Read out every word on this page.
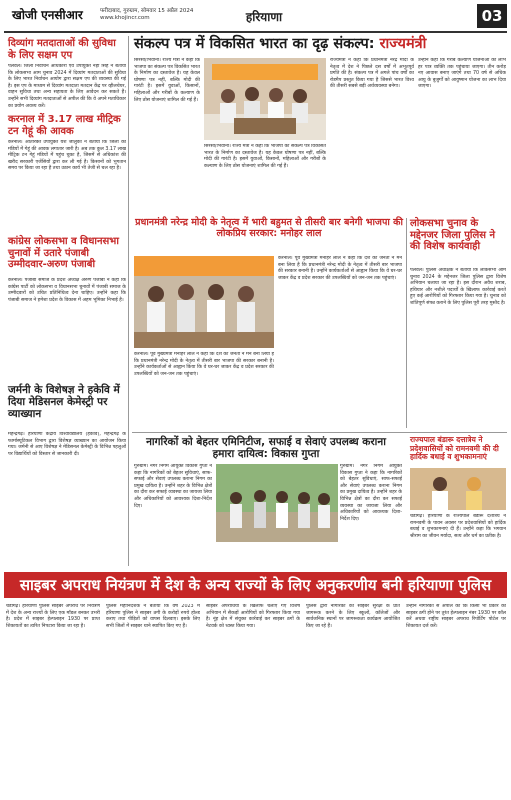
खोजी एनसीआर	फरीदाबाद, गुरुग्राम, सोमवार 15 अप्रैल 2024
www.khojincr.com	हरियाणा	03
दिव्यांग मतदाताओं की सुविधा के लिए सक्षम एप
पलवल। जिला निर्वाचन अधिकारी एवं उपायुक्त नेहा सिंह ने बताया कि लोकसभा आम चुनाव 2024 में दिव्यांग मतदाताओं की सुविधा के लिए भारत निर्वाचन आयोग द्वारा सक्षम एप की व्यवस्था की गई है। इस एप के माध्यम से दिव्यांग मतदाता मतदान केंद्र पर व्हीलचेयर, वाहन सुविधा तथा अन्य सहायता के लिए आवेदन कर सकते हैं। उन्होंने सभी दिव्यांग मतदाताओं से अपील की कि वे अपने मताधिकार का प्रयोग अवश्य करें।
करनाल में 3.17 लाख मीट्रिक टन गेहूं की आवक
करनाल। अतिरिक्त उपायुक्त यश जालुका ने बताया कि जिला की मंडियों में गेहूं की आवक लगातार जारी है। अब तक कुल 3.17 लाख मीट्रिक टन गेहूं मंडियों में पहुंच चुका है, जिसमें से अधिकांश की खरीद सरकारी एजेंसियों द्वारा कर ली गई है। किसानों को भुगतान समय पर किया जा रहा है तथा उठान कार्य भी तेजी से चल रहा है।
कांग्रेस लोकसभा व विधानसभा चुनावों में उतारे पंजाबी उम्मीदवार-अरुण पंजाबी
करनाल। पंजाबी समाज के प्रदेश अध्यक्ष अरुण पंजाबी ने कहा कि कांग्रेस पार्टी को लोकसभा व विधानसभा चुनावों में पंजाबी समाज के उम्मीदवारों को उचित प्रतिनिधित्व देना चाहिए। उन्होंने कहा कि पंजाबी समाज ने हमेशा प्रदेश के विकास में अहम भूमिका निभाई है।
जर्मनी के विशेषज्ञ ने हकेवि में दिया मेडिसनल केमेस्ट्री पर व्याख्यान
महेन्द्रगढ़। हरियाणा केंद्रीय विश्वविद्यालय (हकेवि), महेन्द्रगढ़ के फार्मास्यूटिकल विभाग द्वारा विशेषज्ञ व्याख्यान का आयोजन किया गया। जर्मनी से आए विशेषज्ञ ने मेडिसनल केमेस्ट्री के विभिन्न पहलुओं पर विद्यार्थियों को विस्तार से जानकारी दी।
संकल्प पत्र में विकसित भारत का दृढ़ संकल्प: राज्यमंत्री
सिरसा/भिवानी। राज्य मंत्री ने कहा कि भाजपा का संकल्प पत्र विकसित भारत के निर्माण का दस्तावेज है। यह केवल घोषणा पत्र नहीं, बल्कि मोदी की गारंटी है। इसमें युवाओं, किसानों, महिलाओं और गरीबों के कल्याण के लिए ठोस योजनाएं शामिल की गई हैं।
सिरसा/भिवानी। राज्य मंत्री ने कहा कि भाजपा का संकल्प पत्र विकसित भारत के निर्माण का दस्तावेज है। यह केवल घोषणा पत्र नहीं, बल्कि मोदी की गारंटी है। इसमें युवाओं, किसानों, महिलाओं और गरीबों के कल्याण के लिए ठोस योजनाएं शामिल की गई हैं।
राज्यमंत्री ने कहा कि प्रधानमंत्री नरेंद्र मोदी के नेतृत्व में देश ने पिछले दस वर्षों में अभूतपूर्व प्रगति की है। संकल्प पत्र में अगले पांच वर्षों का रोडमैप प्रस्तुत किया गया है जिससे भारत विश्व की तीसरी सबसे बड़ी अर्थव्यवस्था बनेगा।
उन्होंने कहा कि गरीब कल्याण योजनाओं का लाभ हर पात्र व्यक्ति तक पहुंचाया जाएगा। तीन करोड़ नए आवास बनाए जाएंगे तथा 70 वर्ष से अधिक आयु के बुजुर्गों को आयुष्मान योजना का लाभ दिया जाएगा।
प्रधानमंत्री नरेन्द्र मोदी के नेतृत्व में भारी बहुमत से तीसरी बार बनेगी भाजपा की लोकप्रिय सरकार: मनोहर लाल
करनाल। पूर्व मुख्यमंत्री मनोहर लाल ने कहा कि देश की जनता ने मन बना लिया है कि प्रधानमंत्री नरेन्द्र मोदी के नेतृत्व में तीसरी बार भाजपा की सरकार बनानी है। उन्होंने कार्यकर्ताओं से आह्वान किया कि वे घर-घर जाकर केंद्र व प्रदेश सरकार की उपलब्धियों को जन-जन तक पहुंचाएं।
करनाल। पूर्व मुख्यमंत्री मनोहर लाल ने कहा कि देश की जनता ने मन बना लिया है कि प्रधानमंत्री नरेन्द्र मोदी के नेतृत्व में तीसरी बार भाजपा की सरकार बनानी है। उन्होंने कार्यकर्ताओं से आह्वान किया कि वे घर-घर जाकर केंद्र व प्रदेश सरकार की उपलब्धियों को जन-जन तक पहुंचाएं।
लोकसभा चुनाव के मद्देनजर जिला पुलिस ने की विशेष कार्यवाही
पलवल। पुलिस अधीक्षक ने बताया कि लोकसभा आम चुनाव 2024 के मद्देनजर जिला पुलिस द्वारा विशेष अभियान चलाया जा रहा है। इस दौरान अवैध शराब, हथियार और नशीले पदार्थों के खिलाफ कार्रवाई करते हुए कई आरोपियों को गिरफ्तार किया गया है। चुनाव को शांतिपूर्ण संपन्न कराने के लिए पुलिस पूरी तरह मुस्तैद है।
नागरिकों को बेहतर एमिनिटीज, सफाई व सेवाएं उपलब्ध कराना हमारा दायित्व: विकास गुप्ता
गुरुग्राम। नगर निगम आयुक्त विकास गुप्ता ने कहा कि नागरिकों को बेहतर सुविधाएं, साफ-सफाई और सेवाएं उपलब्ध कराना निगम का प्रमुख दायित्व है। उन्होंने शहर के विभिन्न क्षेत्रों का दौरा कर सफाई व्यवस्था का जायजा लिया और अधिकारियों को आवश्यक दिशा-निर्देश दिए।
गुरुग्राम। नगर निगम आयुक्त विकास गुप्ता ने कहा कि नागरिकों को बेहतर सुविधाएं, साफ-सफाई और सेवाएं उपलब्ध कराना निगम का प्रमुख दायित्व है। उन्होंने शहर के विभिन्न क्षेत्रों का दौरा कर सफाई व्यवस्था का जायजा लिया और अधिकारियों को आवश्यक दिशा-निर्देश दिए।
राज्यपाल बंडारू दत्तात्रेय ने प्रदेशवासियों को रामनवमी की दी हार्दिक बधाई व शुभकामनाएं
चंडीगढ़। हरियाणा के राज्यपाल बंडारू दत्तात्रेय ने रामनवमी के पावन अवसर पर प्रदेशवासियों को हार्दिक बधाई व शुभकामनाएं दी हैं। उन्होंने कहा कि भगवान श्रीराम का जीवन मर्यादा, सत्य और धर्म का प्रतीक है।
साइबर अपराध नियंत्रण में देश के अन्य राज्यों के लिए अनुकरणीय बनी हरियाणा पुलिस
चंडीगढ़। हरियाणा पुलिस साइबर अपराध पर नियंत्रण में देश के अन्य राज्यों के लिए एक मॉडल बनकर उभरी है। प्रदेश में साइबर हेल्पलाइन 1930 पर प्राप्त शिकायतों का त्वरित निपटारा किया जा रहा है।
पुलिस महानिदेशक ने बताया कि वर्ष 2023 में हरियाणा पुलिस ने साइबर ठगी के करोड़ों रुपये होल्ड कराए तथा पीड़ितों को वापस दिलवाए। इसके लिए सभी जिलों में साइबर थाने स्थापित किए गए हैं।
साइबर अपराधियों के खिलाफ चलाए गए विशेष अभियान में सैकड़ों आरोपियों को गिरफ्तार किया गया है। नूंह क्षेत्र में संयुक्त कार्रवाई कर साइबर ठगों के नेटवर्क को ध्वस्त किया गया।
पुलिस द्वारा नागरिकों को साइबर सुरक्षा के प्रति जागरूक करने के लिए स्कूलों, कॉलेजों और सार्वजनिक स्थानों पर जागरूकता कार्यक्रम आयोजित किए जा रहे हैं।
उन्होंने नागरिकों से अपील की कि किसी भी प्रकार की साइबर ठगी होने पर तुरंत हेल्पलाइन नंबर 1930 पर कॉल करें अथवा राष्ट्रीय साइबर अपराध रिपोर्टिंग पोर्टल पर शिकायत दर्ज करें।
